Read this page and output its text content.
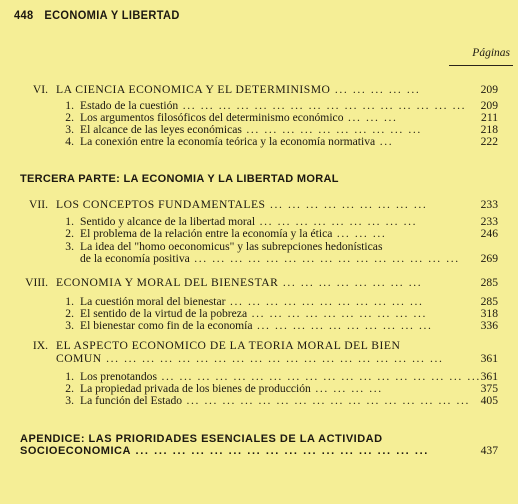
448 ECONOMIA Y LIBERTAD
Páginas
VI. LA CIENCIA ECONOMICA Y EL DETERMINISMO ... ... ... ... ...	209
1. Estado de la cuestión ... ... ... ... ... ... ... ... ... ... ... ... ... ... ... ... 209
2. Los argumentos filosóficos del determinismo económico ... ... ...	211
3. El alcance de las leyes económicas ... ... ... ... ... ... ... ... ... ...	218
4. La conexión entre la economía teórica y la economía normativa ...	222
TERCERA PARTE: LA ECONOMIA Y LA LIBERTAD MORAL
VII. LOS CONCEPTOS FUNDAMENTALES ... ... ... ... ... ... ... ... ...	233
1. Sentido y alcance de la libertad moral ... ... ... ... ... ... ... ... ...	233
2. El problema de la relación entre la economía y la ética ... ... ...	246
3. La idea del "homo oeconomicus" y las subrepciones hedonísticas
de la economía positiva ... ... ... ... ... ... ... ... ... ... ... ... ... ... ... 269
VIII. ECONOMIA Y MORAL DEL BIENESTAR ... ... ... ... ... ... ... ...	285
1. La cuestión moral del bienestar ... ... ... ... ... ... ... ... ... ... ...	285
2. El sentido de la virtud de la pobreza ... ... ... ... ... ... ... ... ... ...	318
3. El bienestar como fin de la economía ... ... ... ... ... ... ... ... ... ...	336
IX. EL ASPECTO ECONOMICO DE LA TEORIA MORAL DEL BIEN
COMUN ... ... ... ... ... ... ... ... ... ... ... ... ... ... ... ... ... ... ...	361
1. Los prenotandos ... ... ... ... ... ... ... ... ... ... ... ... ... ... ... ... ... ... 361
2. La propiedad privada de los bienes de producción ... ... ... ...	375
3. La función del Estado ... ... ... ... ... ... ... ... ... ... ... ... ... ... ... ... 405
APENDICE: LAS PRIORIDADES ESENCIALES DE LA ACTIVIDAD
SOCIOECONOMICA ... ... ... ... ... ... ... ... ... ... ... ... ... ... ... ...	437
